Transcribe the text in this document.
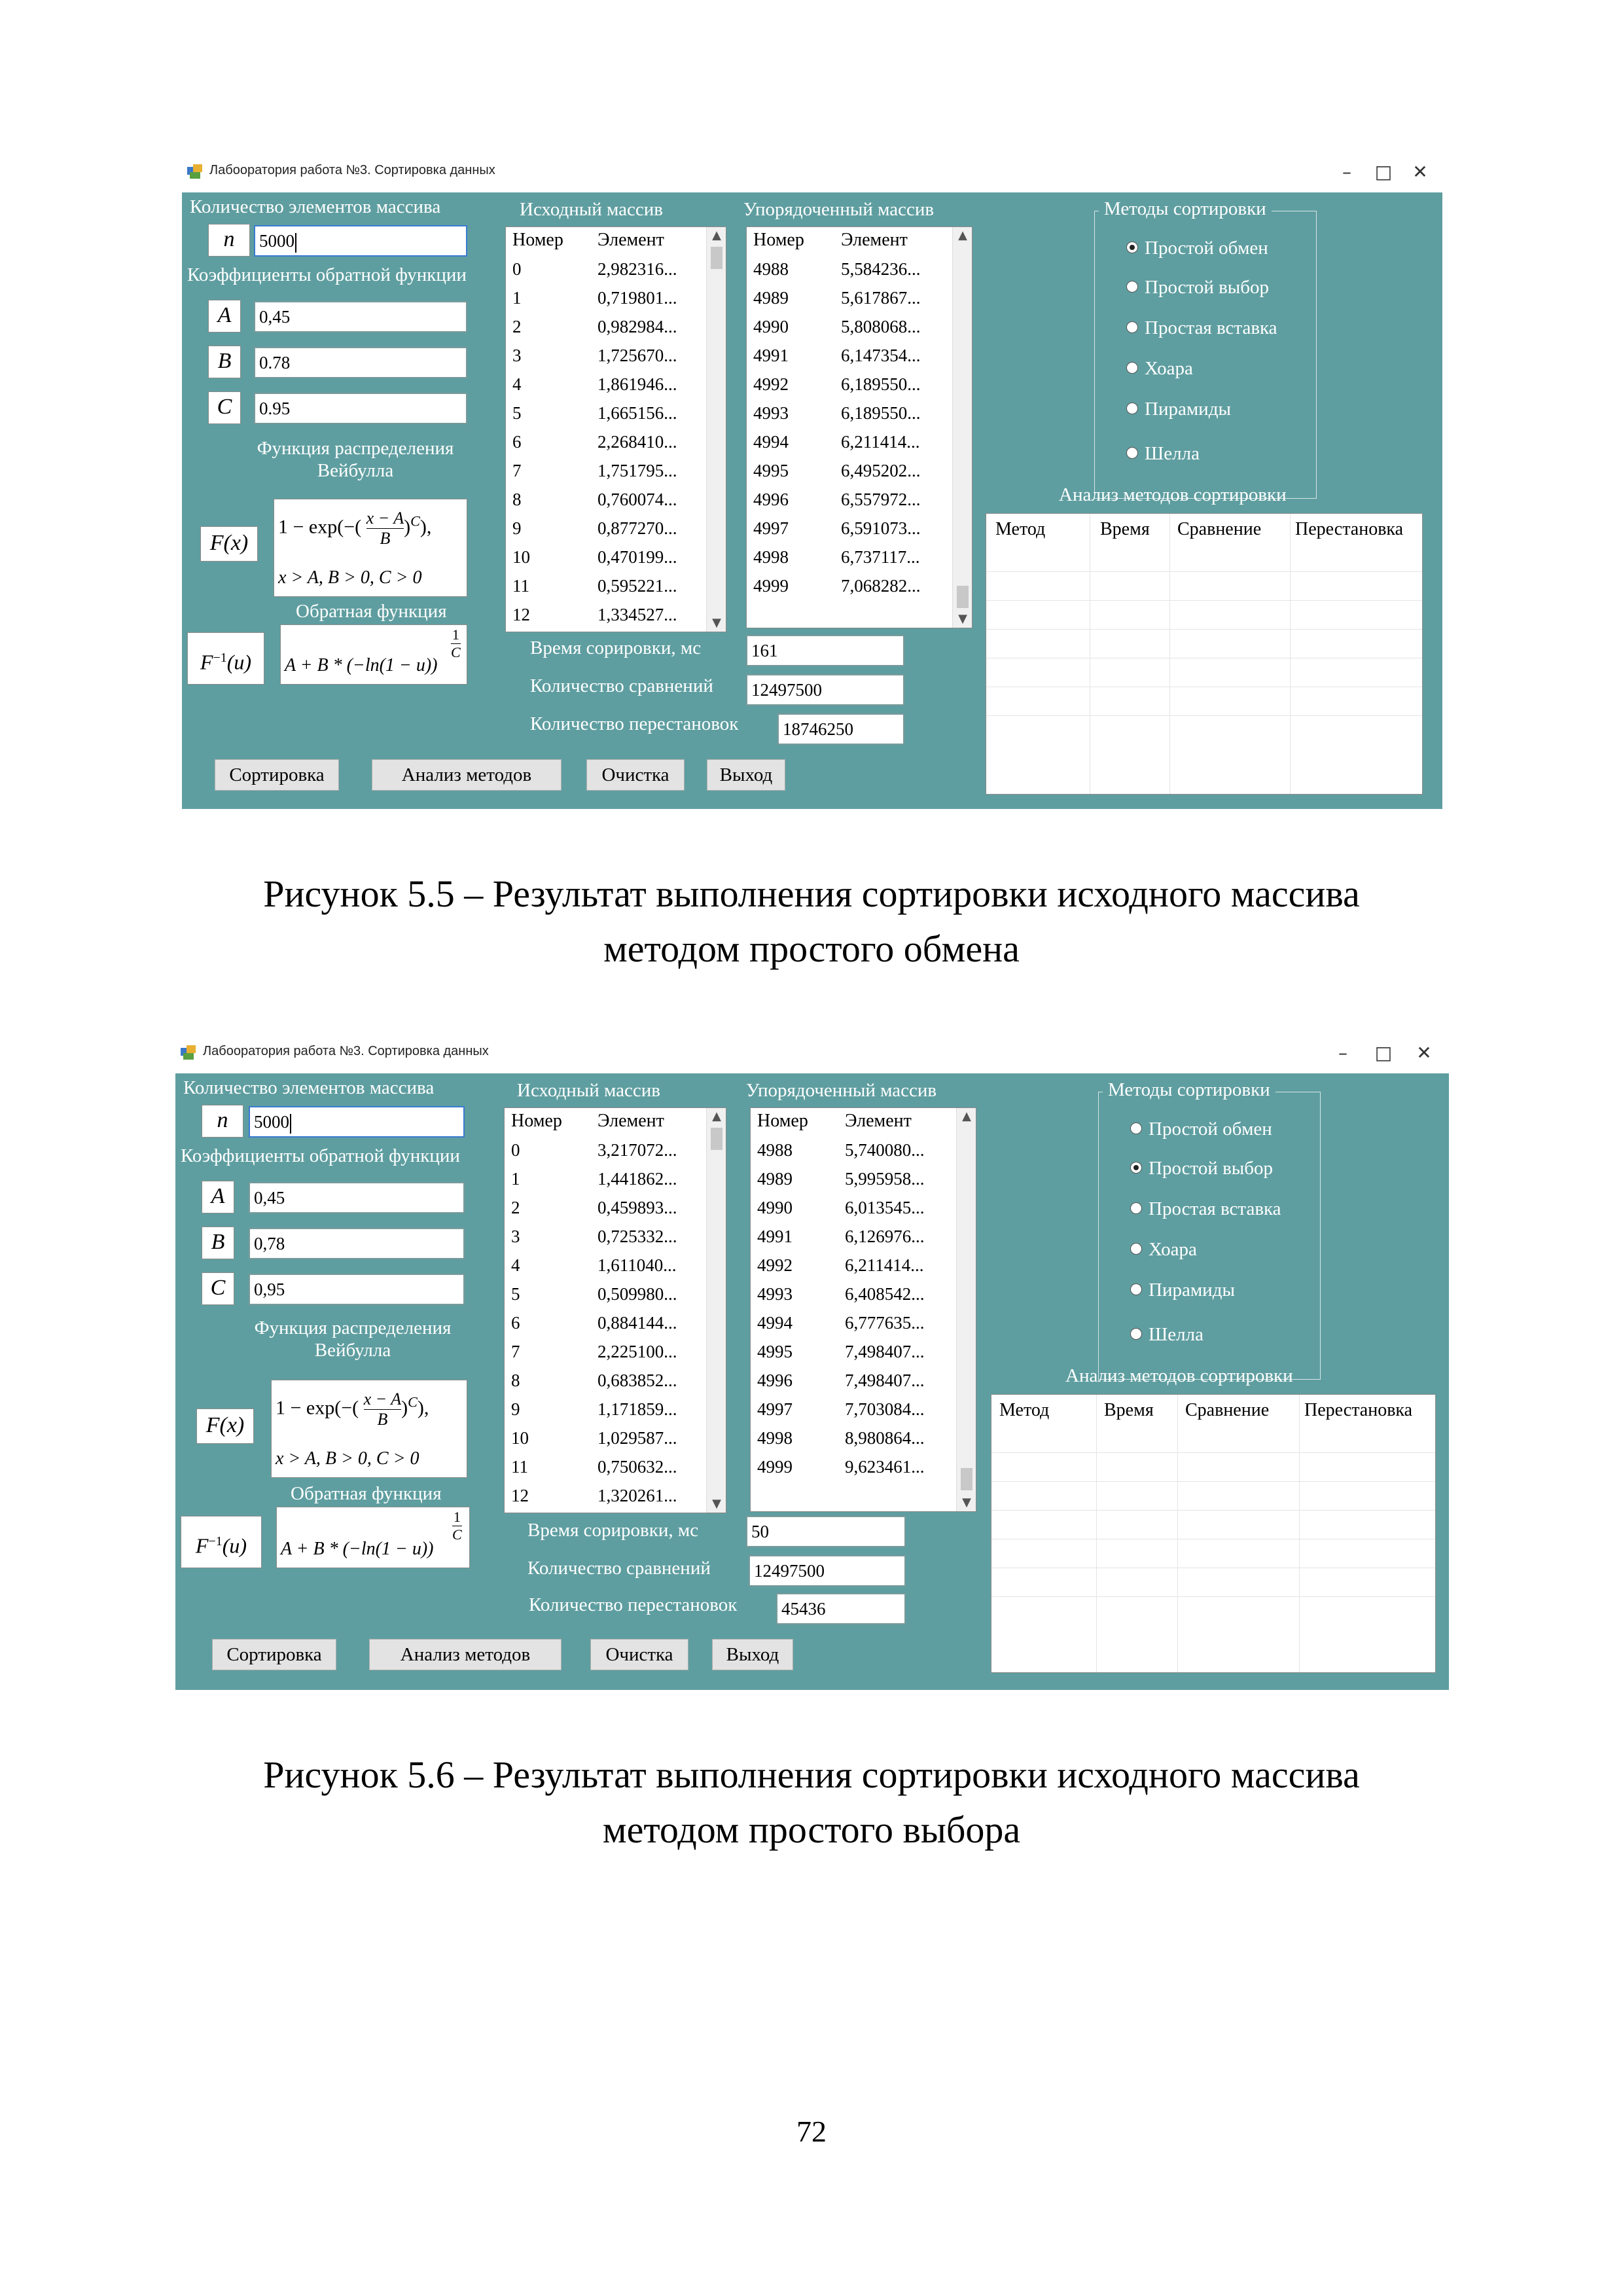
Лабооратория работа №3. Сортировка данных	–	□	✕
Количество элементов массива
n	5000
Коэффициенты обратной функции
A	0,45
B	0.78
C	0.95
Функция распределения
Вейбулла
F(x)
$1 - \exp(-( \frac{x - A}{B} )^C)$,
x > A, B > 0, C > 0
Обратная функция
$F^{-1}(u)$	A + B * (−ln(1 − u))
$\frac{1}{C}$
Исходный массив
Номер Элемент
0	2,982316...
1	0,719801...
2	0,982984...
3	1,725670...
4	1,861946...
5	1,665156...
6	2,268410...
7	1,751795...
8	0,760074...
9	0,877270...
10	0,470199...
11	0,595221...
12	1,334527...
▲
▼
Упорядоченный массив
Номер Элемент
4988	5,584236...
4989	5,617867...
4990	5,808068...
4991	6,147354...
4992	6,189550...
4993	6,189550...
4994	6,211414...
4995	6,495202...
4996	6,557972...
4997	6,591073...
4998	6,737117...
4999	7,068282...
▲
▼
Методы сортировки
Простой обмен
Простой выбор
Простая вставка
Хоара
Пирамиды
Шелла
Анализ методов сортировки
Метод	Время Сравнение Перестановка
Время сорировки, мс	161
Количество сравнений 12497500
Количество перестановок	18746250
Сортировка	Анализ методов	Очистка	Выход
Рисунок 5.5 – Результат выполнения сортировки исходного массива
методом простого обмена
Лабооратория работа №3. Сортировка данных	–	□	✕
Количество элементов массива
n	5000
Коэффициенты обратной функции
A	0,45
B	0,78
C	0,95
Функция распределения
Вейбулла
F(x)
$1 - \exp(-( \frac{x - A}{B} )^C)$,
x > A, B > 0, C > 0
Обратная функция
$F^{-1}(u)$	A + B * (−ln(1 − u))
$\frac{1}{C}$
Исходный массив
Номер Элемент
0	3,217072...
1	1,441862...
2	0,459893...
3	0,725332...
4	1,611040...
5	0,509980...
6	0,884144...
7	2,225100...
8	0,683852...
9	1,171859...
10	1,029587...
11	0,750632...
12	1,320261...
▲
▼
Упорядоченный массив
Номер Элемент
4988	5,740080...
4989	5,995958...
4990	6,013545...
4991	6,126976...
4992	6,211414...
4993	6,408542...
4994	6,777635...
4995	7,498407...
4996	7,498407...
4997	7,703084...
4998	8,980864...
4999	9,623461...
▲
▼
Методы сортировки
Простой обмен
Простой выбор
Простая вставка
Хоара
Пирамиды
Шелла
Анализ методов сортировки
Метод	Время Сравнение Перестановка
Время сорировки, мс	50
Количество сравнений 12497500
Количество перестановок	45436
Сортировка	Анализ методов	Очистка	Выход
Рисунок 5.6 – Результат выполнения сортировки исходного массива
методом простого выбора
72
